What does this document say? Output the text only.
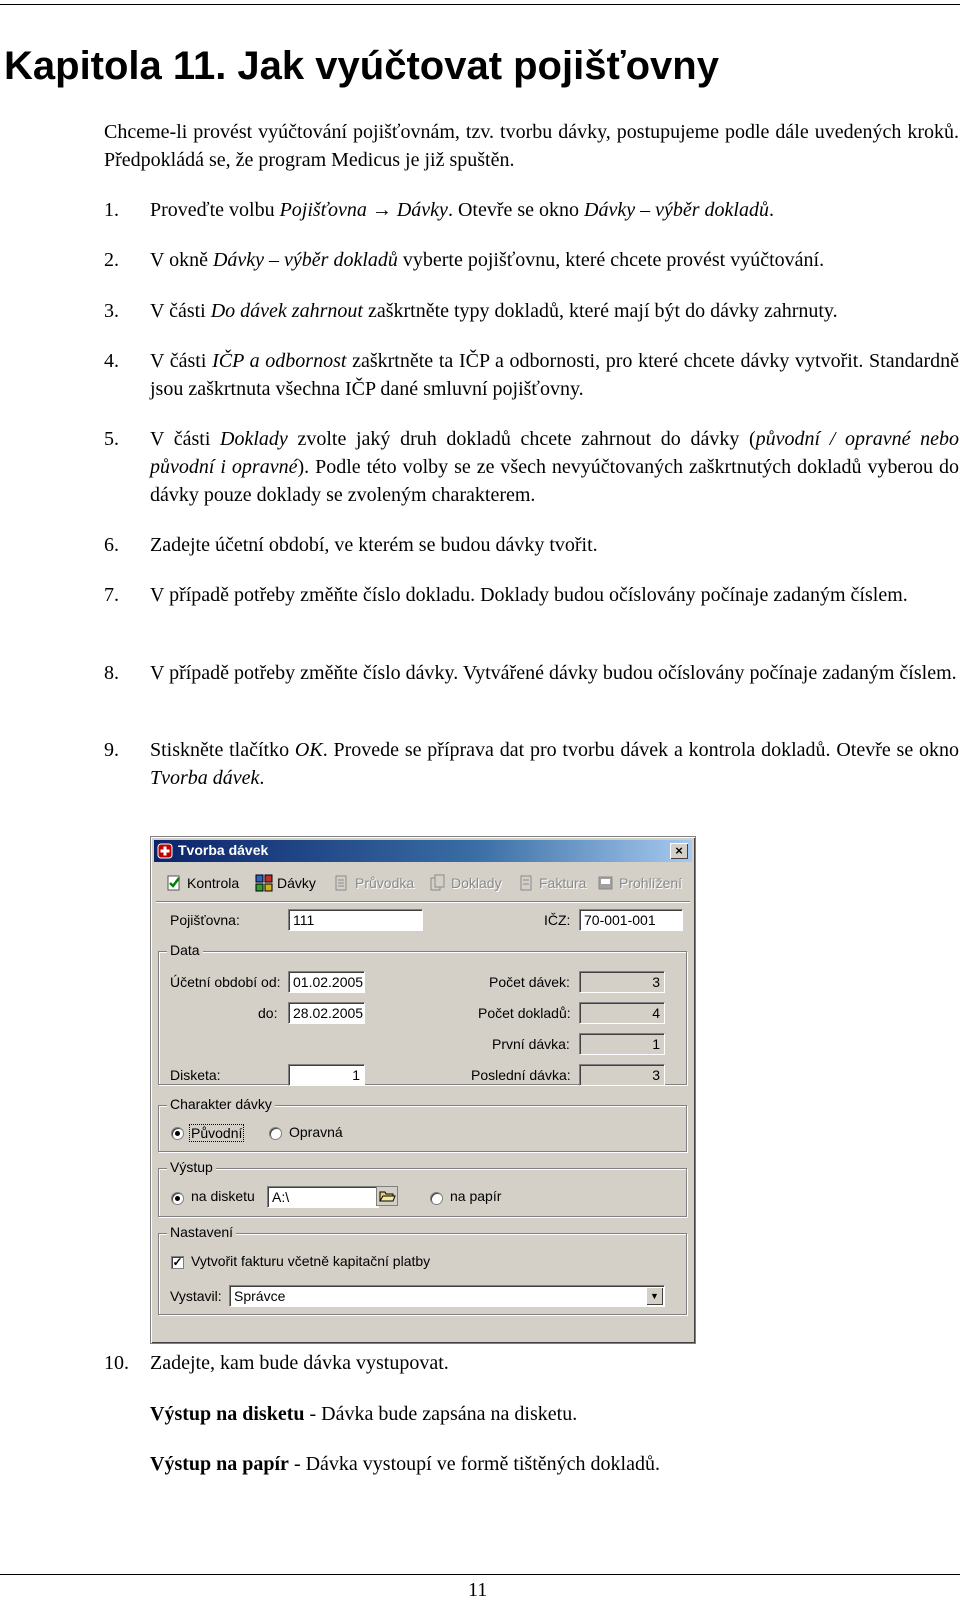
Kapitola 11. Jak vyúčtovat pojišťovny
Chceme-li provést vyúčtování pojišťovnám, tzv. tvorbu dávky, postupujeme podle dále uvedených kroků. Předpokládá se, že program Medicus je již spuštěn.
1. Proveďte volbu Pojišťovna → Dávky. Otevře se okno Dávky – výběr dokladů.
2. V okně Dávky – výběr dokladů vyberte pojišťovnu, které chcete provést vyúčtování.
3. V části Do dávek zahrnout zaškrtněte typy dokladů, které mají být do dávky zahrnuty.
4. V části IČP a odbornost zaškrtněte ta IČP a odbornosti, pro které chcete dávky vytvořit. Standardně jsou zaškrtnuta všechna IČP dané smluvní pojišťovny.
5. V části Doklady zvolte jaký druh dokladů chcete zahrnout do dávky (původní / opravné nebo původní i opravné). Podle této volby se ze všech nevyúčtovaných zaškrtnutých dokladů vyberou do dávky pouze doklady se zvoleným charakterem.
6. Zadejte účetní období, ve kterém se budou dávky tvořit.
7. V případě potřeby změňte číslo dokladu. Doklady budou očíslovány počínaje zadaným číslem.
8. V případě potřeby změňte číslo dávky. Vytvářené dávky budou očíslovány počínaje zadaným číslem.
9. Stiskněte tlačítko OK. Provede se příprava dat pro tvorbu dávek a kontrola dokladů. Otevře se okno Tvorba dávek.
Tvorba dávek	×
Kontrola	Dávky	Průvodka	Doklady	Faktura Prohlížení
Pojišťovna:	111	IČZ: 70-001-001
Data
Účetní období od: 01.02.2005
do:	28.02.2005
Disketa:	1
Počet dávek:	3
Počet dokladů:	4
První dávka:	1
Poslední dávka:	3
Charakter dávky
Původní	Opravná
Výstup
na disketu	A:\	na papír
Nastavení
✓ Vytvořit fakturu včetně kapitační platby
Vystavil: Správce	▼
10. Zadejte, kam bude dávka vystupovat.
Výstup na disketu - Dávka bude zapsána na disketu.
Výstup na papír - Dávka vystoupí ve formě tištěných dokladů.
11
